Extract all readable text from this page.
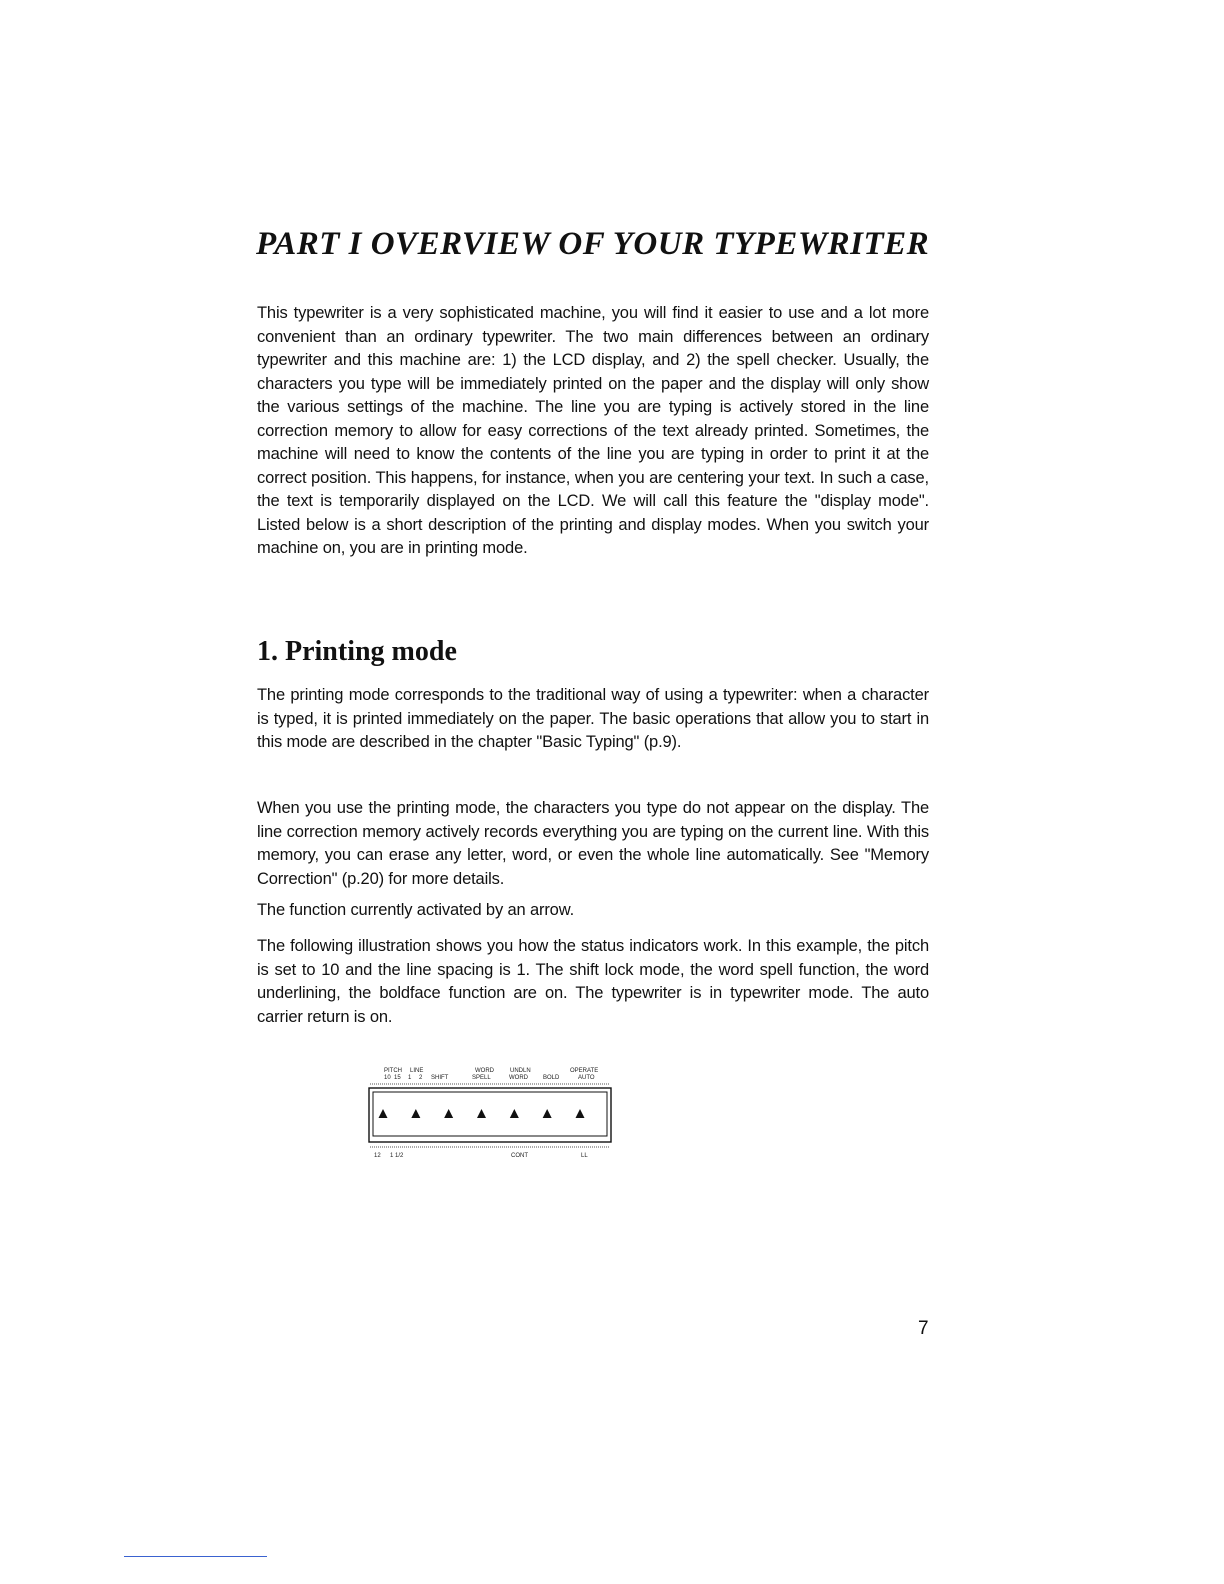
PART I OVERVIEW OF YOUR TYPEWRITER

This typewriter is a very sophisticated machine, you will find it easier to use and a lot more convenient than an ordinary typewriter. The two main differences between an ordinary typewriter and this machine are: 1) the LCD display, and 2) the spell checker. Usually, the characters you type will be immediately printed on the paper and the display will only show the various settings of the machine. The line you are typing is actively stored in the line correction memory to allow for easy corrections of the text already printed. Sometimes, the machine will need to know the contents of the line you are typing in order to print it at the correct position. This happens, for instance, when you are centering your text. In such a case, the text is temporarily displayed on the LCD. We will call this feature the "display mode". Listed below is a short description of the printing and display modes. When you switch your machine on, you are in printing mode.

1. Printing mode

The printing mode corresponds to the traditional way of using a typewriter: when a character is typed, it is printed immediately on the paper. The basic operations that allow you to start in this mode are described in the chapter "Basic Typing" (p.9).

When you use the printing mode, the characters you type do not appear on the display. The line correction memory actively records everything you are typing on the current line. With this memory, you can erase any letter, word, or even the whole line automatically. See "Memory Correction" (p.20) for more details.

The function currently activated by an arrow.

The following illustration shows you how the status indicators work. In this example, the pitch is set to 10 and the line spacing is 1. The shift lock mode, the word spell function, the word underlining, the boldface function are on. The typewriter is in typewriter mode. The auto carrier return is on.

PITCH LINE	WORD	UNDLN	OPERATE
10 15 1 2 SHIFT	SPELL	WORD	BOLD	AUTO
12 1 1/2	CONT	LL
7
